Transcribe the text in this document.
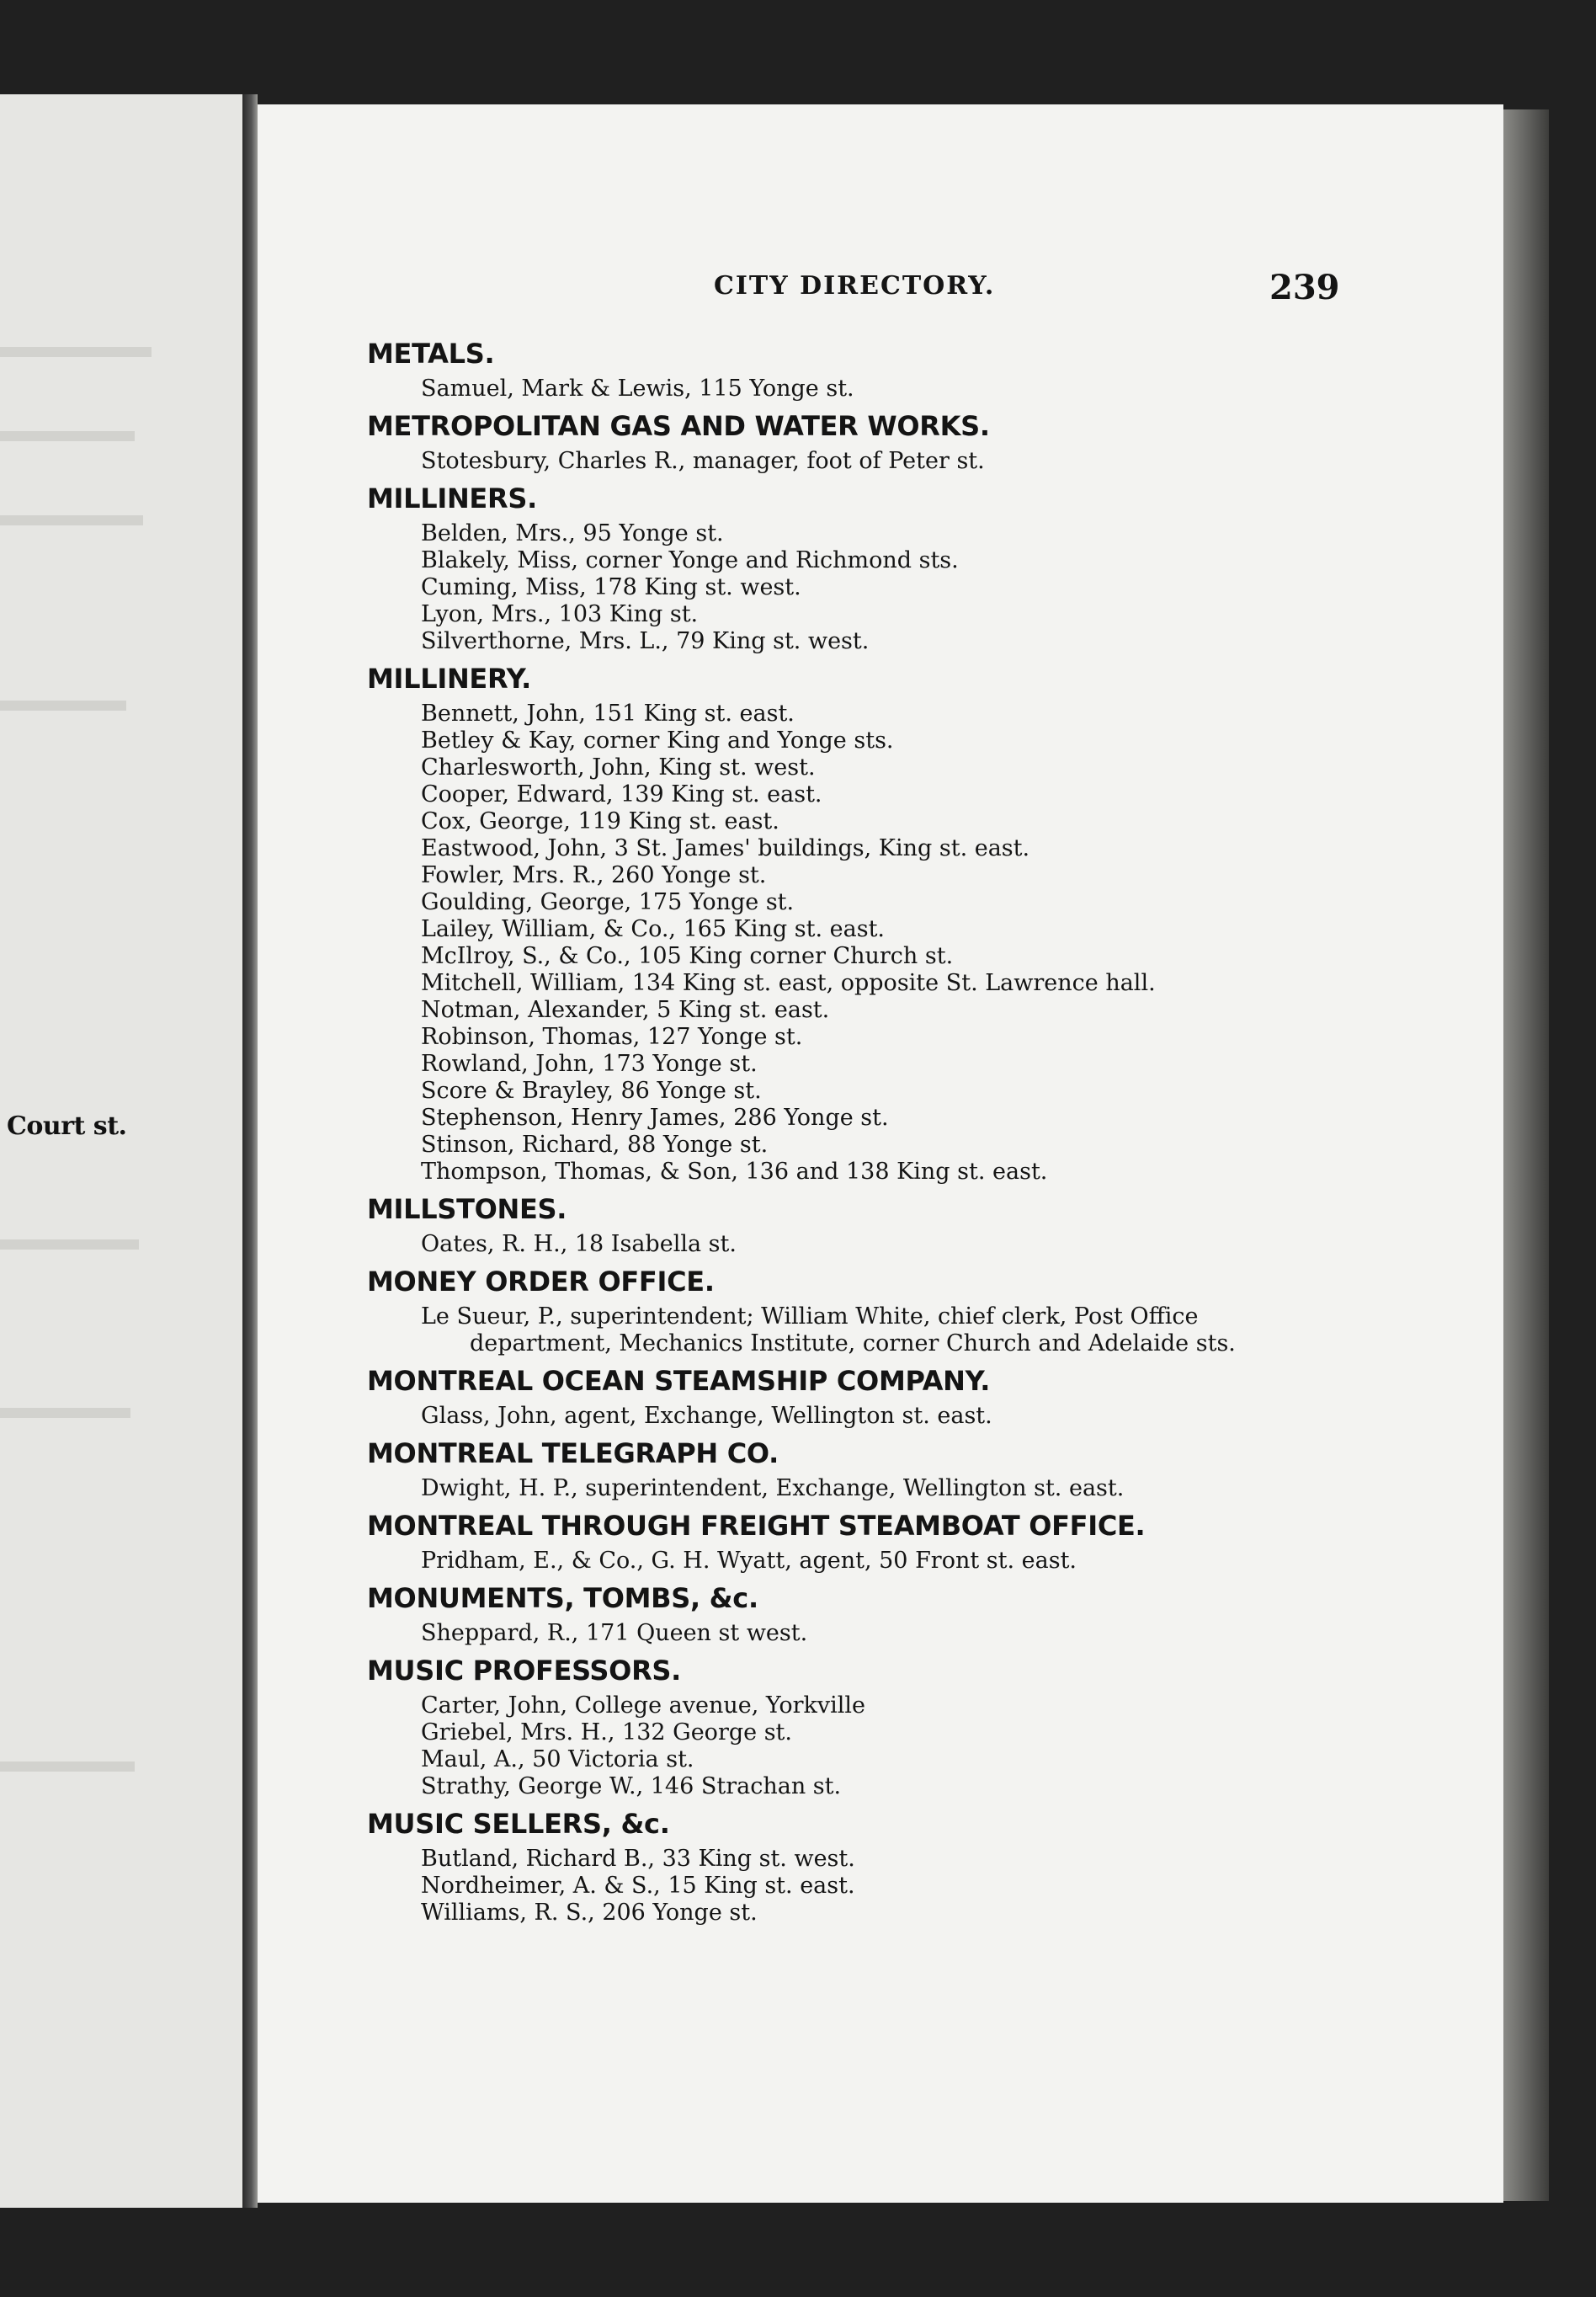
Court st.
CITY DIRECTORY.	239
METALS.
Samuel, Mark & Lewis, 115 Yonge st.
METROPOLITAN GAS AND WATER WORKS.
Stotesbury, Charles R., manager, foot of Peter st.
MILLINERS.
Belden, Mrs., 95 Yonge st.
Blakely, Miss, corner Yonge and Richmond sts.
Cuming, Miss, 178 King st. west.
Lyon, Mrs., 103 King st.
Silverthorne, Mrs. L., 79 King st. west.
MILLINERY.
Bennett, John, 151 King st. east.
Betley & Kay, corner King and Yonge sts.
Charlesworth, John, King st. west.
Cooper, Edward, 139 King st. east.
Cox, George, 119 King st. east.
Eastwood, John, 3 St. James' buildings, King st. east.
Fowler, Mrs. R., 260 Yonge st.
Goulding, George, 175 Yonge st.
Lailey, William, & Co., 165 King st. east.
McIlroy, S., & Co., 105 King corner Church st.
Mitchell, William, 134 King st. east, opposite St. Lawrence hall.
Notman, Alexander, 5 King st. east.
Robinson, Thomas, 127 Yonge st.
Rowland, John, 173 Yonge st.
Score & Brayley, 86 Yonge st.
Stephenson, Henry James, 286 Yonge st.
Stinson, Richard, 88 Yonge st.
Thompson, Thomas, & Son, 136 and 138 King st. east.
MILLSTONES.
Oates, R. H., 18 Isabella st.
MONEY ORDER OFFICE.
Le Sueur, P., superintendent; William White, chief clerk, Post Office
department, Mechanics Institute, corner Church and Adelaide sts.
MONTREAL OCEAN STEAMSHIP COMPANY.
Glass, John, agent, Exchange, Wellington st. east.
MONTREAL TELEGRAPH CO.
Dwight, H. P., superintendent, Exchange, Wellington st. east.
MONTREAL THROUGH FREIGHT STEAMBOAT OFFICE.
Pridham, E., & Co., G. H. Wyatt, agent, 50 Front st. east.
MONUMENTS, TOMBS, &c.
Sheppard, R., 171 Queen st west.
MUSIC PROFESSORS.
Carter, John, College avenue, Yorkville
Griebel, Mrs. H., 132 George st.
Maul, A., 50 Victoria st.
Strathy, George W., 146 Strachan st.
MUSIC SELLERS, &c.
Butland, Richard B., 33 King st. west.
Nordheimer, A. & S., 15 King st. east.
Williams, R. S., 206 Yonge st.
